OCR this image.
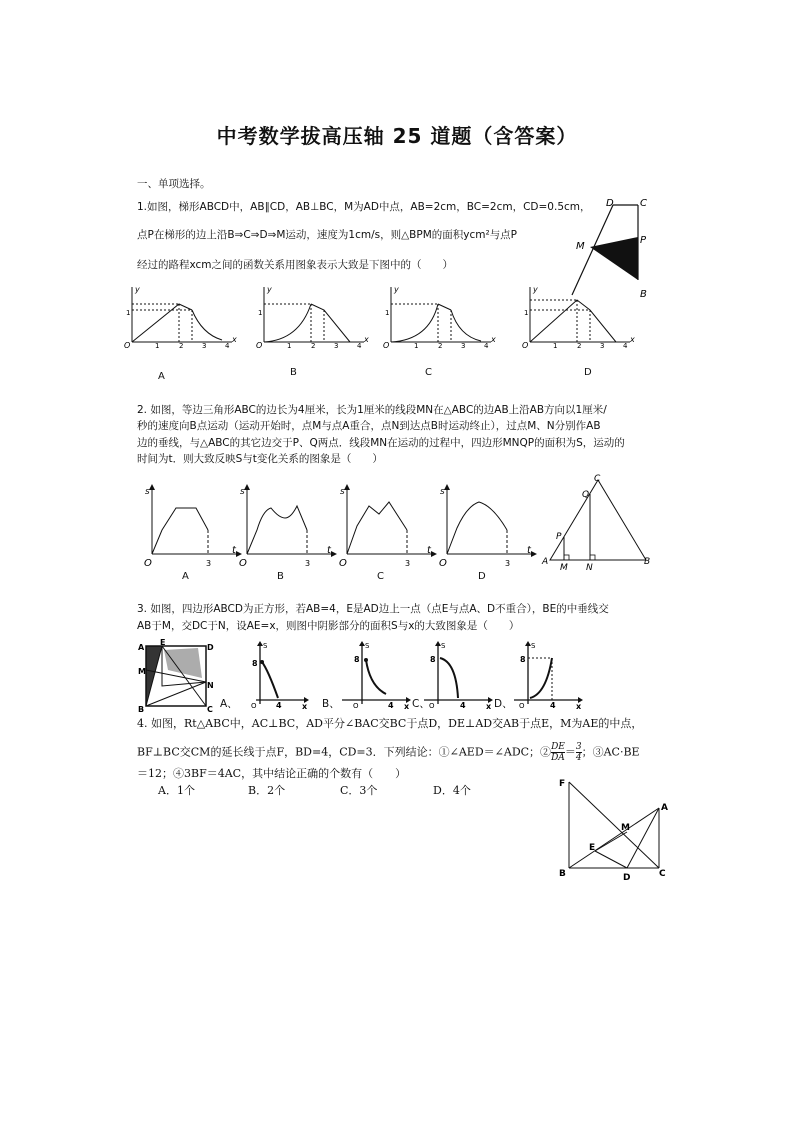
中考数学拔高压轴 25 道题（含答案）
一、单项选择。
1.如图，梯形ABCD中，AB∥CD，AB⊥BC，M为AD中点，AB=2cm，BC=2cm，CD=0.5cm，
点P在梯形的边上沿B⇒C⇒D⇒M运动，速度为1cm/s，则△BPM的面积ycm²与点P
经过的路程xcm之间的函数关系用图象表示大致是下图中的（　　）
D	C
M
P
B
y
x
O
1
1	2	3	4
A
y
x
O
1
1	2	3	4
B
y
x
O
1
1	2	3	4
C
y
x
O
1
1	2	3	4
D
2. 如图，等边三角形ABC的边长为4厘米，长为1厘米的线段MN在△ABC的边AB上沿AB方向以1厘米/
秒的速度向B点运动（运动开始时，点M与点A重合，点N到达点B时运动终止），过点M、N分别作AB
边的垂线，与△ABC的其它边交于P、Q两点．线段MN在运动的过程中，四边形MNQP的面积为S，运动的
时间为t．则大致反映S与t变化关系的图象是（　　）
s
t
O	3
A
s
t
O	3
B
s
t
O	3
C
s
t
O	3
D
C
Q
P
A
M N
B
3. 如图，四边形ABCD为正方形，若AB=4，E是AD边上一点（点E与点A、D不重合），BE的中垂线交
AB于M，交DC于N，设AE=x，则图中阴影部分的面积S与x的大致图象是（　　）
A
E
D
M
N
B	C A、
S
x
O
8
4	B、
S
x
O
8
4 C、
S
x
O
8
4	D、
S
x
O
8
4
4. 如图，Rt△ABC中，AC⊥BC，AD平分∠BAC交BC于点D，DE⊥AD交AB于点E，M为AE的中点，
BF⊥BC交CM的延长线于点F，BD=4，CD=3．下列结论：①∠AED＝∠ADC；② $\frac{DE}{DA} = \frac{3}{4}$ ；③AC·BE
＝12；④3BF＝4AC，其中结论正确的个数有（　　）
A．1个	B．2个	C．3个	D．4个	F
A
M
E
B	D	C
